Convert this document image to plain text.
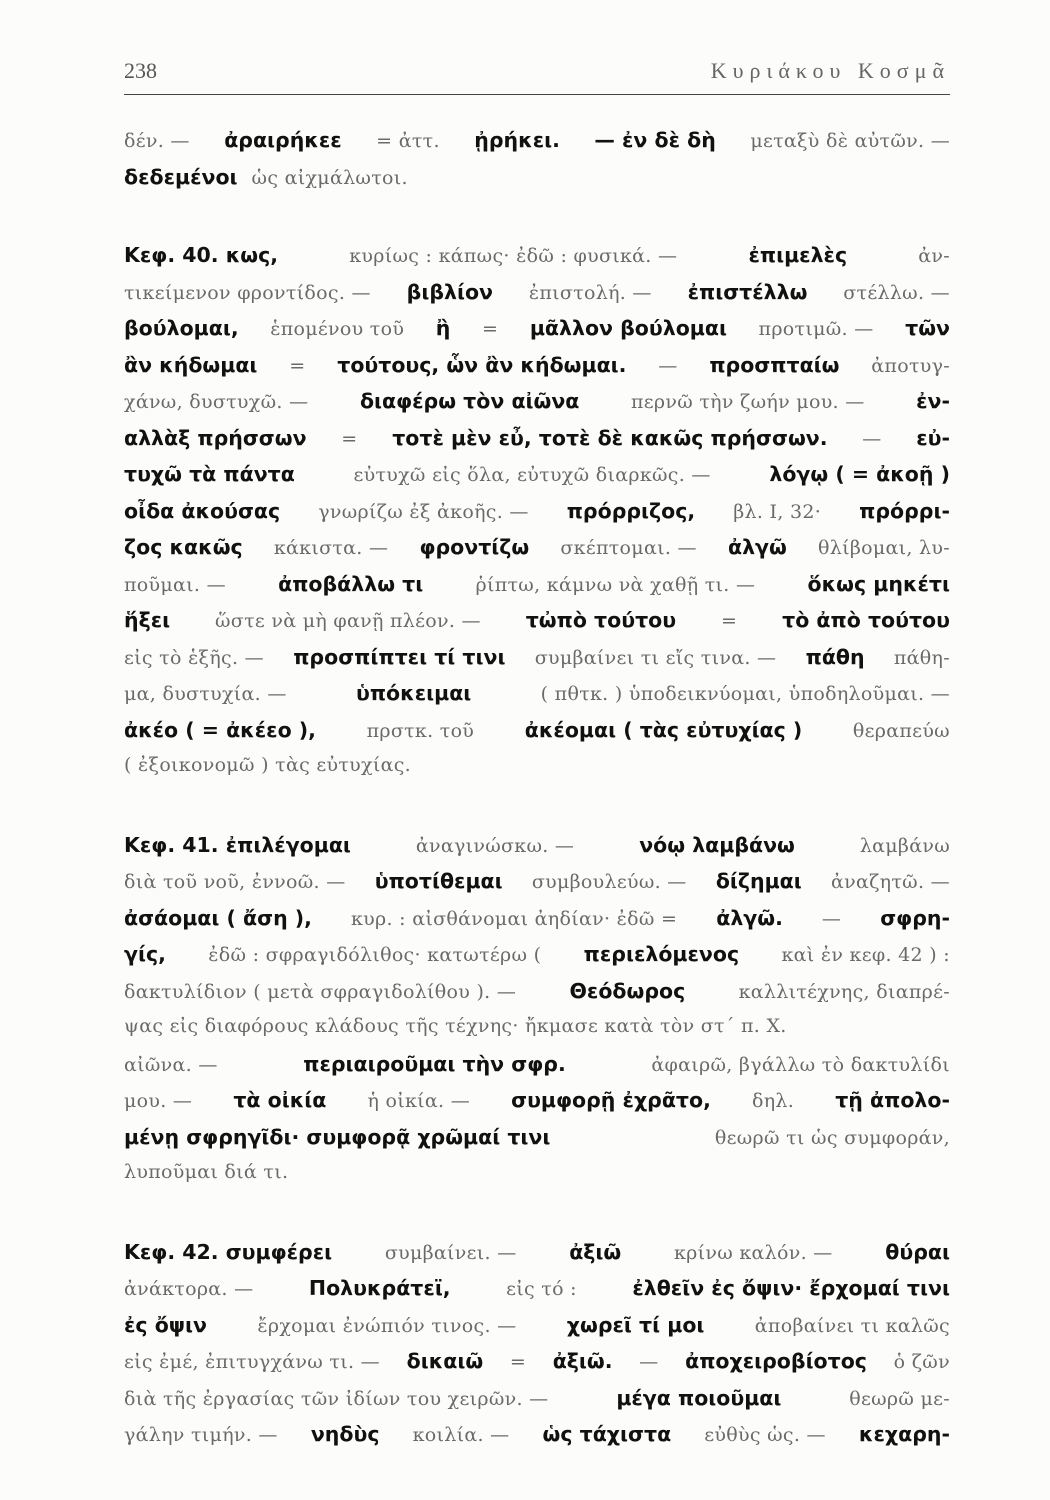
238	Κυριάκου Κοσμᾶ
δέν. — ἀραιρήκεε = ἀττ. ᾐρήκει. — ἐν δὲ δὴ μεταξὺ δὲ αὐτῶν. —
δεδεμένοι ὡς αἰχμάλωτοι.
Κεφ. 40. κως,	κυρίως : κάπως· ἐδῶ : φυσικά. —	ἐπιμελὲς	ἀν-
τικείμενον φροντίδος. — βιβλίον ἐπιστολή. — ἐπιστέλλω στέλλω. —
βούλομαι, ἑπομένου τοῦ ἢ = μᾶλλον βούλομαι προτιμῶ. — τῶν
ἂν κήδωμαι = τούτους, ὧν ἂν κήδωμαι. — προσπταίω ἀποτυγ-
χάνω, δυστυχῶ. —	διαφέρω τὸν αἰῶνα	περνῶ τὴν ζωήν μου. —	ἐν-
αλλὰξ πρήσσων = τοτὲ μὲν εὖ, τοτὲ δὲ κακῶς πρήσσων. — εὐ-
τυχῶ τὰ πάντα	εὐτυχῶ εἰς ὅλα, εὐτυχῶ διαρκῶς. —	λόγῳ ( = ἀκοῇ )
οἶδα ἀκούσας γνωρίζω ἐξ ἀκοῆς. — πρόρριζος, βλ. I, 32· πρόρρι-
ζος κακῶς κάκιστα. — φροντίζω σκέπτομαι. — ἀλγῶ θλίβομαι, λυ-
ποῦμαι. —	ἀποβάλλω τι	ῥίπτω, κάμνω νὰ χαθῇ τι. —	ὅκως μηκέτι
ἥξει ὥστε νὰ μὴ φανῇ πλέον. — τὠπὸ τούτου = τὸ ἀπὸ τούτου
εἰς τὸ ἑξῆς. — προσπίπτει τί τινι συμβαίνει τι εἴς τινα. — πάθη πάθη-
μα, δυστυχία. —	ὑπόκειμαι	( πθτκ. ) ὑποδεικνύομαι, ὑποδηλοῦμαι. —
ἀκέο ( = ἀκέεο ),	πρστκ. τοῦ ἀκέομαι ( τὰς εὐτυχίας )	θεραπεύω
( ἐξοικονομῶ ) τὰς εὐτυχίας.
Κεφ. 41. ἐπιλέγομαι	ἀναγινώσκω. —	νόῳ λαμβάνω	λαμβάνω
διὰ τοῦ νοῦ, ἐννοῶ. — ὑποτίθεμαι συμβουλεύω. — δίζημαι ἀναζητῶ. —
ἀσάομαι ( ἄση ), κυρ. : αἰσθάνομαι ἀηδίαν· ἐδῶ = ἀλγῶ. — σφρη-
γίς, ἐδῶ : σφραγιδόλιθος· κατωτέρω ( περιελόμενος καὶ ἐν κεφ. 42 ) :
δακτυλίδιον ( μετὰ σφραγιδολίθου ). —	Θεόδωρος	καλλιτέχνης, διαπρέ-
ψας εἰς διαφόρους κλάδους τῆς τέχνης· ἤκμασε κατὰ τὸν στ´ π. Χ.
αἰῶνα. —	περιαιροῦμαι τὴν σφρ.	ἀφαιρῶ, βγάλλω τὸ δακτυλίδι
μου. — τὰ οἰκία ἡ οἰκία. — συμφορῇ ἐχρᾶτο, δηλ. τῇ ἀπολο-
μένῃ σφρηγῖδι· συμφορᾷ χρῶμαί τινι	θεωρῶ τι ὡς συμφοράν,
λυποῦμαι διά τι.
Κεφ. 42. συμφέρει	συμβαίνει. —	ἀξιῶ	κρίνω καλόν. —	θύραι
ἀνάκτορα. —	Πολυκράτεϊ,	εἰς τό :	ἐλθεῖν ἐς ὄψιν· ἔρχομαί τινι
ἐς ὄψιν	ἔρχομαι ἐνώπιόν τινος. — χωρεῖ τί μοι	ἀποβαίνει τι καλῶς
εἰς ἐμέ, ἐπιτυγχάνω τι. — δικαιῶ = ἀξιῶ. — ἀποχειροβίοτος ὁ ζῶν
διὰ τῆς ἐργασίας τῶν ἰδίων του χειρῶν. —	μέγα ποιοῦμαι	θεωρῶ με-
γάλην τιμήν. — νηδὺς κοιλία. — ὡς τάχιστα εὐθὺς ὡς. — κεχαρη-
